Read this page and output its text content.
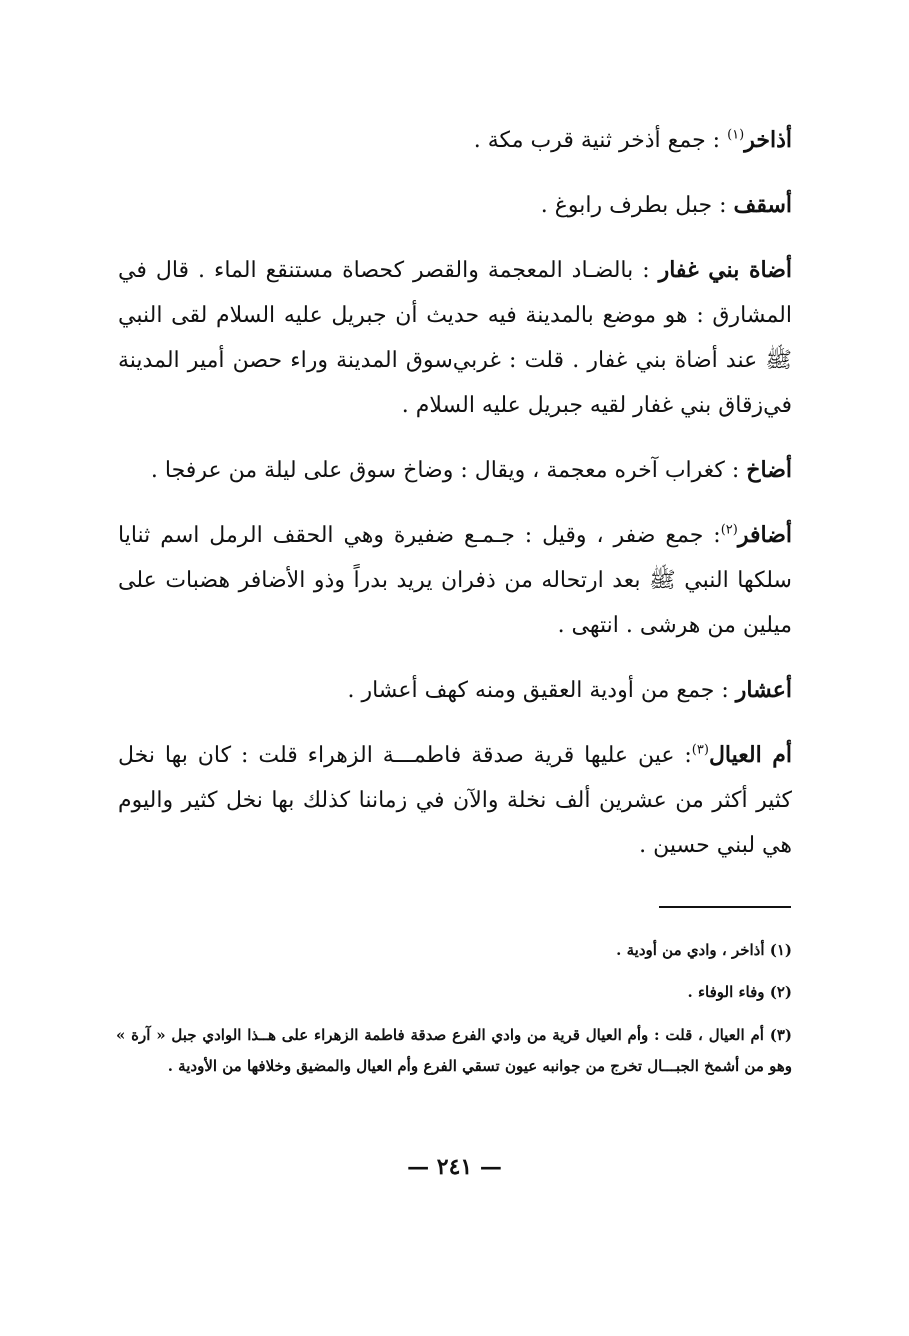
أذاخر$^{(١)}$ : جمع أذخر ثنية قرب مكة .

أسقف : جبل بطرف رابوغ .

أضاة بني غفار : بالضـاد المعجمة والقصر كحصاة مستنقع الماء . قال في المشارق : هو موضع بالمدينة فيه حديث أن جبريل عليه السلام لقى النبي ﷺ عند أضاة بني غفار . قلت : غربي‌سوق المدينة وراء حصن أمير المدينة في‌زقاق بني غفار لقيه جبريل عليه السلام .

أضاخ : كغراب آخره معجمة ، ويقال : وضاخ سوق على ليلة من عرفجا .

أضافر$^{(٢)}$: جمع ضفر ، وقيل : جـمـع ضفيرة وهي الحقف الرمل اسم ثنايا سلكها النبي ﷺ بعد ارتحاله من ذفران يريد بدراً وذو الأضافر هضبات على ميلين من هرشى . انتهى .

أعشار : جمع من أودية العقيق ومنه كهف أعشار .

أم العيال$^{(٣)}$: عين عليها قرية صدقة فاطمـــة الزهراء قلت : كان بها نخل كثير أكثر من عشرين ألف نخلة والآن في زماننا كذلك بها نخل كثير واليوم هي لبني حسين .

(١) أذاخر ، وادي من أودية .

(٢) وفاء الوفاء .

(٣) أم العيال ، قلت : وأم العيال قرية من وادي الفرع صدقة فاطمة الزهراء على هــذا الوادي جبل « آرة » وهو من أشمخ الجبـــال تخرج من جوانبه عيون تسقي الفرع وأم العيال والمضيق وخلافها من الأودية .

— ٢٤١ —
